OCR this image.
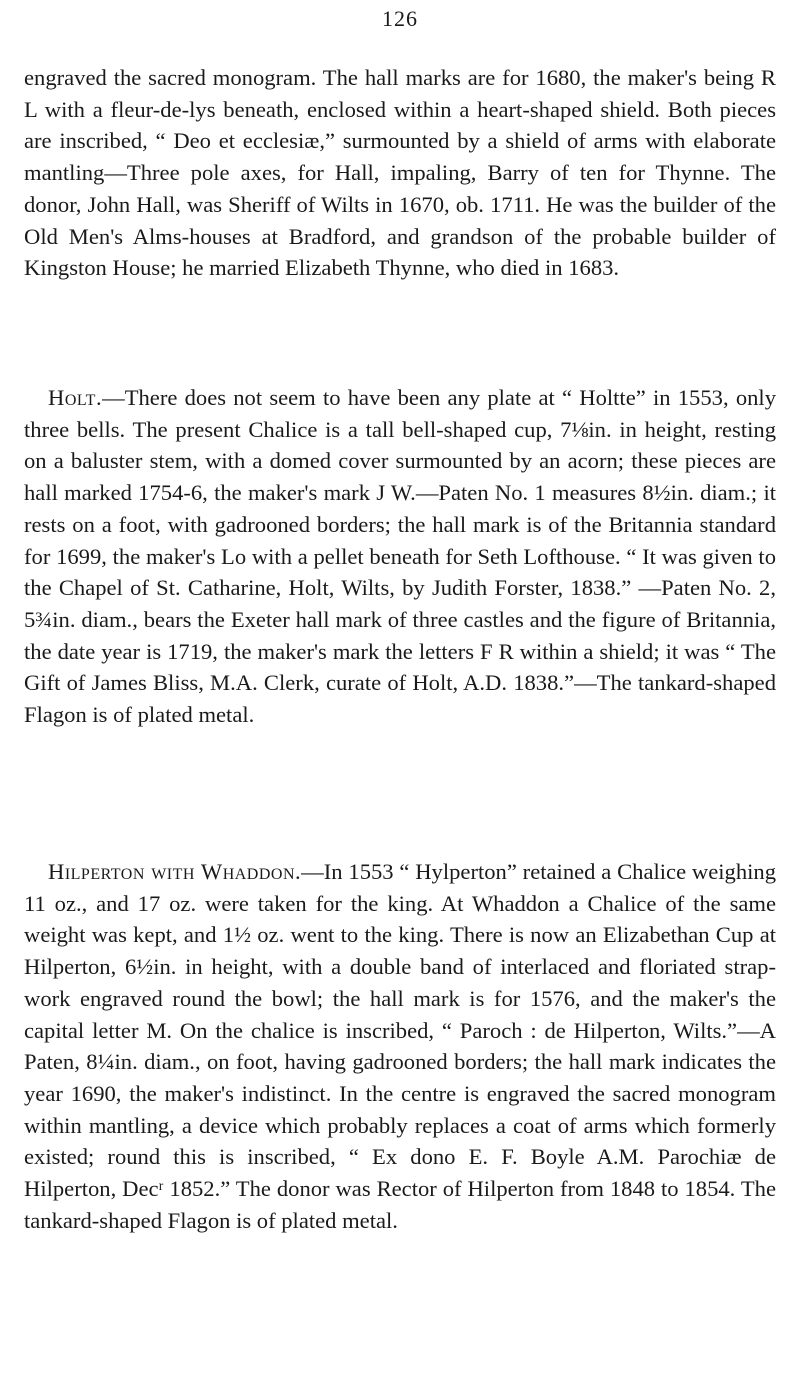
126

engraved the sacred monogram. The hall marks are for 1680, the maker's being R L with a fleur-de-lys beneath, enclosed within a heart-shaped shield. Both pieces are inscribed, “ Deo et ecclesiæ,” surmounted by a shield of arms with elaborate mantling—Three pole axes, for Hall, impaling, Barry of ten for Thynne. The donor, John Hall, was Sheriff of Wilts in 1670, ob. 1711. He was the builder of the Old Men's Alms-houses at Bradford, and grandson of the probable builder of Kingston House; he married Elizabeth Thynne, who died in 1683.

Holt.—There does not seem to have been any plate at “ Holtte” in 1553, only three bells. The present Chalice is a tall bell-shaped cup, 7⅛in. in height, resting on a baluster stem, with a domed cover surmounted by an acorn; these pieces are hall marked 1754-6, the maker's mark J W.—Paten No. 1 measures 8½in. diam.; it rests on a foot, with gadrooned borders; the hall mark is of the Britannia standard for 1699, the maker's Lo with a pellet beneath for Seth Lofthouse. “ It was given to the Chapel of St. Catharine, Holt, Wilts, by Judith Forster, 1838.” —Paten No. 2, 5¾in. diam., bears the Exeter hall mark of three castles and the figure of Britannia, the date year is 1719, the maker's mark the letters F R within a shield; it was “ The Gift of James Bliss, M.A. Clerk, curate of Holt, A.D. 1838.”—The tankard-shaped Flagon is of plated metal.

Hilperton with Whaddon.—In 1553 “ Hylperton” retained a Chalice weighing 11 oz., and 17 oz. were taken for the king. At Whaddon a Chalice of the same weight was kept, and 1½ oz. went to the king. There is now an Elizabethan Cup at Hilperton, 6½in. in height, with a double band of interlaced and floriated strap-work engraved round the bowl; the hall mark is for 1576, and the maker's the capital letter M. On the chalice is inscribed, “ Paroch : de Hilperton, Wilts.”—A Paten, 8¼in. diam., on foot, having gadrooned borders; the hall mark indicates the year 1690, the maker's indistinct. In the centre is engraved the sacred monogram within mantling, a device which probably replaces a coat of arms which formerly existed; round this is inscribed, “ Ex dono E. F. Boyle A.M. Parochiæ de Hilperton, Decʳ 1852.” The donor was Rector of Hilperton from 1848 to 1854. The tankard-shaped Flagon is of plated metal.
